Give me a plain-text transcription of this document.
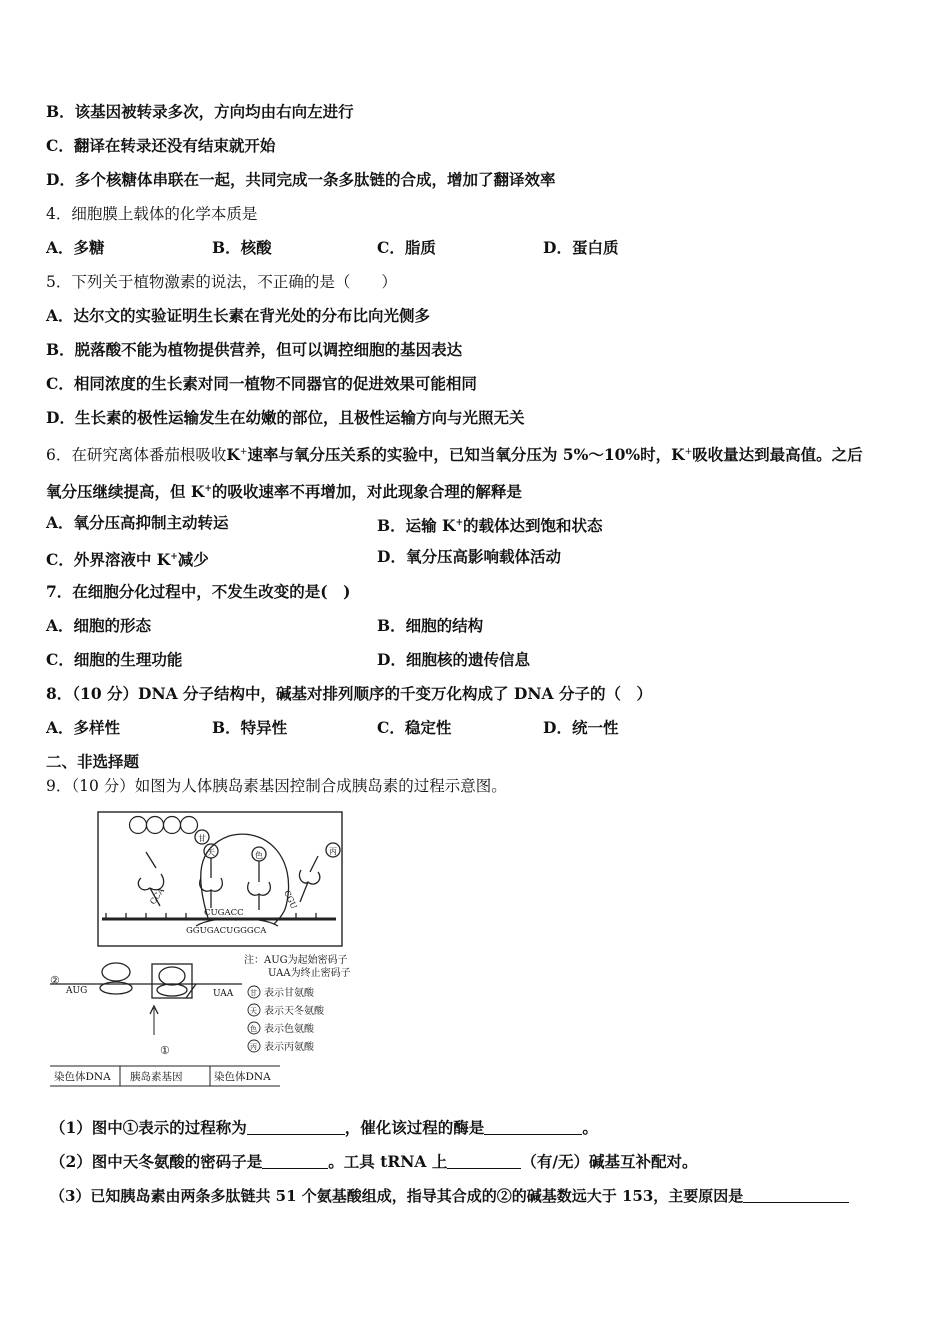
B．该基因被转录多次，方向均由右向左进行
C．翻译在转录还没有结束就开始
D．多个核糖体串联在一起，共同完成一条多肽链的合成，增加了翻译效率
4．细胞膜上载体的化学本质是
A．多糖	B．核酸	C．脂质	D．蛋白质
5．下列关于植物激素的说法，不正确的是（　　）
A．达尔文的实验证明生长素在背光处的分布比向光侧多
B．脱落酸不能为植物提供营养，但可以调控细胞的基因表达
C．相同浓度的生长素对同一植物不同器官的促进效果可能相同
D．生长素的极性运输发生在幼嫩的部位，且极性运输方向与光照无关
6．在研究离体番茄根吸收K+速率与氧分压关系的实验中，已知当氧分压为 5%～10%时，K+吸收量达到最高值。之后
氧分压继续提高，但 K+的吸收速率不再增加，对此现象合理的解释是
A．氧分压高抑制主动转运	B．运输 K+的载体达到饱和状态
C．外界溶液中 K+减少	D．氧分压高影响载体活动
7．在细胞分化过程中，不发生改变的是(　)
A．细胞的形态	B．细胞的结构
C．细胞的生理功能	D．细胞核的遗传信息
8．（10 分）DNA 分子结构中，碱基对排列顺序的千变万化构成了 DNA 分子的（　）
A．多样性	B．特异性	C．稳定性	D．统一性
二、非选择题
9．（10 分）如图为人体胰岛素基因控制合成胰岛素的过程示意图。
甘
天	色	丙
CCA	CGU
CUGACC
GGUGACUGGGCA
②
AUG	UAA
①
注：AUG为起始密码子
UAA为终止密码子
甘
天
色
丙
表示甘氨酸
表示天冬氨酸
表示色氨酸
表示丙氨酸
染色体DNA 胰岛素基因	染色体DNA
（1）图中①表示的过程称为	，催化该过程的酶是	。
（2）图中天冬氨酸的密码子是	。工具 tRNA 上	（有/无）碱基互补配对。
（3）已知胰岛素由两条多肽链共 51 个氨基酸组成，指导其合成的②的碱基数远大于 153，主要原因是
